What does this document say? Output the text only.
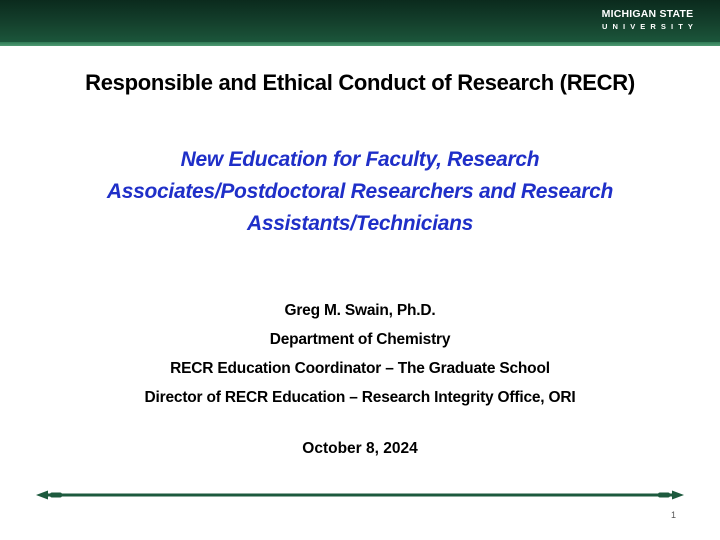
MICHIGAN STATE
UNIVERSITY
Responsible and Ethical Conduct of Research (RECR)
New Education for Faculty, Research
Associates/Postdoctoral Researchers and Research
Assistants/Technicians
Greg M. Swain, Ph.D.
Department of Chemistry
RECR Education Coordinator – The Graduate School
Director of RECR Education – Research Integrity Office, ORI
October 8, 2024
1
